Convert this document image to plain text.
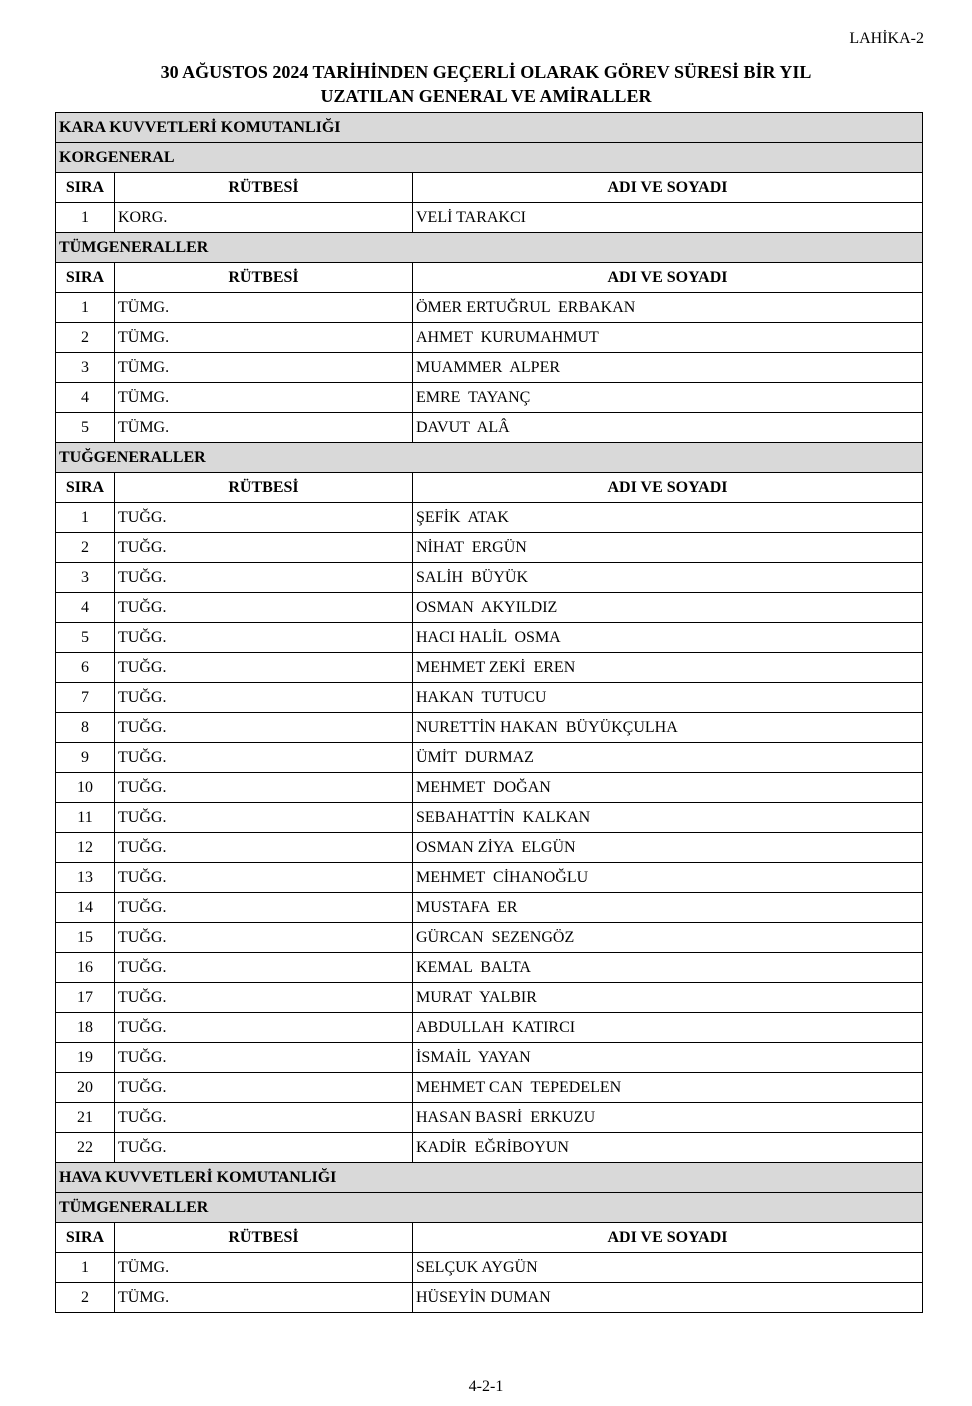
LAHİKA-2
30 AĞUSTOS 2024 TARİHİNDEN GEÇERLİ OLARAK GÖREV SÜRESİ BİR YIL
UZATILAN GENERAL VE AMİRALLER
KARA KUVVETLERİ KOMUTANLIĞI		
KORGENERAL		
SIRA	RÜTBESİ	ADI VE SOYADI
1	KORG.	VELİ TARAKCI
TÜMGENERALLER		
SIRA	RÜTBESİ	ADI VE SOYADI
1	TÜMG.	ÖMER ERTUĞRUL  ERBAKAN
2	TÜMG.	AHMET  KURUMAHMUT
3	TÜMG.	MUAMMER  ALPER
4	TÜMG.	EMRE  TAYANÇ
5	TÜMG.	DAVUT  ALÂ
TUĞGENERALLER		
SIRA	RÜTBESİ	ADI VE SOYADI
1	TUĞG.	ŞEFİK  ATAK
2	TUĞG.	NİHAT  ERGÜN
3	TUĞG.	SALİH  BÜYÜK
4	TUĞG.	OSMAN  AKYILDIZ
5	TUĞG.	HACI HALİL  OSMA
6	TUĞG.	MEHMET ZEKİ  EREN
7	TUĞG.	HAKAN  TUTUCU
8	TUĞG.	NURETTİN HAKAN  BÜYÜKÇULHA
9	TUĞG.	ÜMİT  DURMAZ
10	TUĞG.	MEHMET  DOĞAN
11	TUĞG.	SEBAHATTİN  KALKAN
12	TUĞG.	OSMAN ZİYA  ELGÜN
13	TUĞG.	MEHMET  CİHANOĞLU
14	TUĞG.	MUSTAFA  ER
15	TUĞG.	GÜRCAN  SEZENGÖZ
16	TUĞG.	KEMAL  BALTA
17	TUĞG.	MURAT  YALBIR
18	TUĞG.	ABDULLAH  KATIRCI
19	TUĞG.	İSMAİL  YAYAN
20	TUĞG.	MEHMET CAN  TEPEDELEN
21	TUĞG.	HASAN BASRİ  ERKUZU
22	TUĞG.	KADİR  EĞRİBOYUN
HAVA KUVVETLERİ KOMUTANLIĞI		
TÜMGENERALLER		
SIRA	RÜTBESİ	ADI VE SOYADI
1	TÜMG.	SELÇUK AYGÜN
2	TÜMG.	HÜSEYİN DUMAN
4-2-1
